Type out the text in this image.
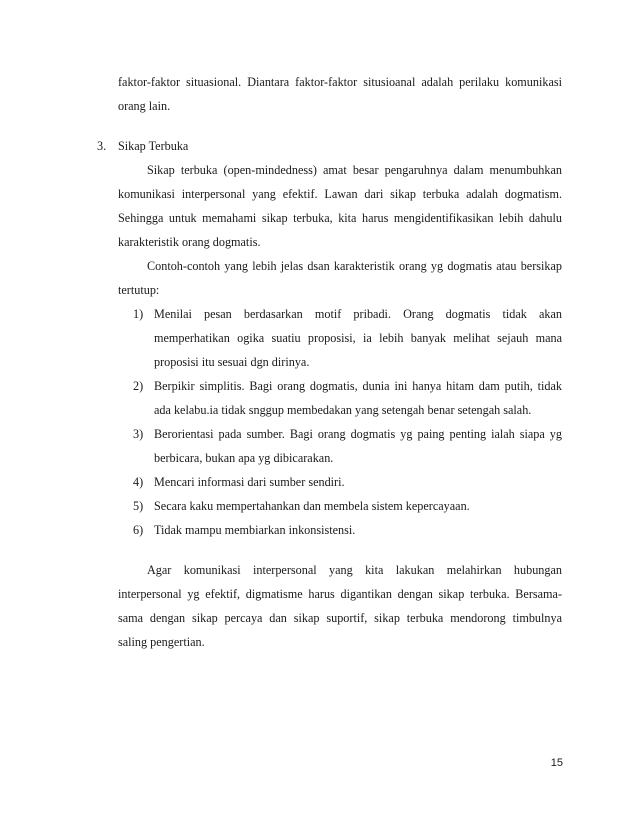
faktor-faktor situasional. Diantara faktor-faktor situsioanal adalah perilaku komunikasi
orang lain.
3. Sikap Terbuka
Sikap terbuka (open-mindedness) amat besar pengaruhnya dalam menumbuhkan
komunikasi interpersonal yang efektif. Lawan dari sikap terbuka adalah dogmatism.
Sehingga untuk memahami sikap terbuka, kita harus mengidentifikasikan lebih dahulu
karakteristik orang dogmatis.
Contoh-contoh yang lebih jelas dsan karakteristik orang yg dogmatis atau bersikap
tertutup:
1) Menilai pesan berdasarkan motif pribadi. Orang dogmatis tidak akan
memperhatikan ogika suatiu proposisi, ia lebih banyak melihat sejauh mana
proposisi itu sesuai dgn dirinya.
2) Berpikir simplitis. Bagi orang dogmatis, dunia ini hanya hitam dam putih, tidak
ada kelabu.ia tidak snggup membedakan yang setengah benar setengah salah.
3) Berorientasi pada sumber. Bagi orang dogmatis yg paing penting ialah siapa yg
berbicara, bukan apa yg dibicarakan.
4) Mencari informasi dari sumber sendiri.
5) Secara kaku mempertahankan dan membela sistem kepercayaan.
6) Tidak mampu membiarkan inkonsistensi.
Agar komunikasi interpersonal yang kita lakukan melahirkan hubungan
interpersonal yg efektif, digmatisme harus digantikan dengan sikap terbuka. Bersama-
sama dengan sikap percaya dan sikap suportif, sikap terbuka mendorong timbulnya
saling pengertian.
15
